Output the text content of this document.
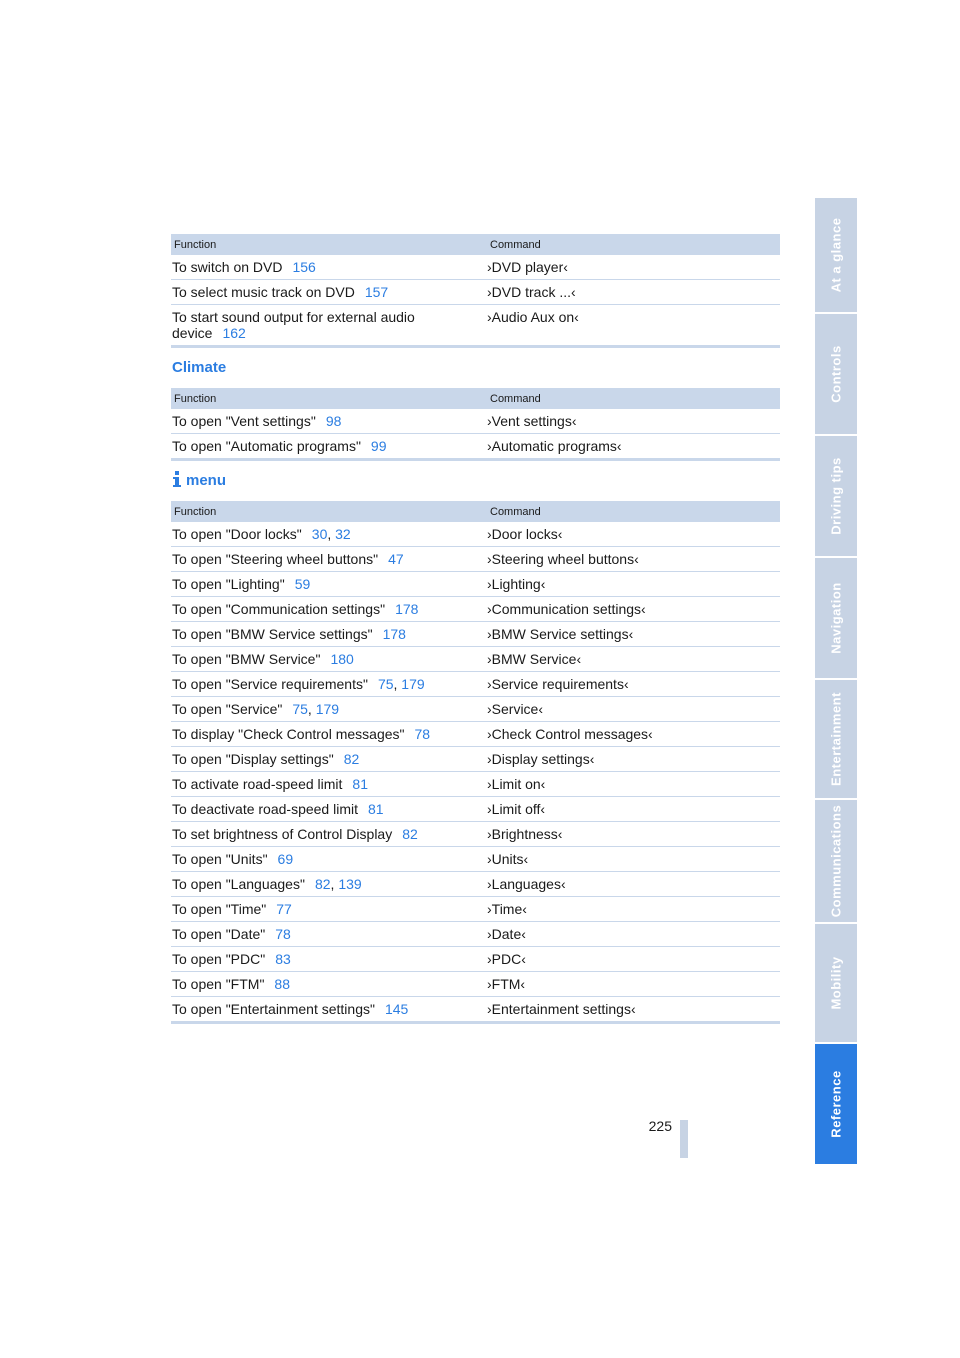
Function	Command
To switch on DVD 156	›DVD player‹
To select music track on DVD 157	›DVD track ...‹
To start sound output for external audio
device 162	›Audio Aux on‹
Climate
Function	Command
To open "Vent settings" 98	›Vent settings‹
To open "Automatic programs" 99	›Automatic programs‹
menu
Function	Command
To open "Door locks" 30, 32	›Door locks‹
To open "Steering wheel buttons" 47	›Steering wheel buttons‹
To open "Lighting" 59	›Lighting‹
To open "Communication settings" 178	›Communication settings‹
To open "BMW Service settings" 178	›BMW Service settings‹
To open "BMW Service" 180	›BMW Service‹
To open "Service requirements" 75, 179	›Service requirements‹
To open "Service" 75, 179	›Service‹
To display "Check Control messages" 78	›Check Control messages‹
To open "Display settings" 82	›Display settings‹
To activate road-speed limit 81	›Limit on‹
To deactivate road-speed limit 81	›Limit off‹
To set brightness of Control Display 82	›Brightness‹
To open "Units" 69	›Units‹
To open "Languages" 82, 139	›Languages‹
To open "Time" 77	›Time‹
To open "Date" 78	›Date‹
To open "PDC" 83	›PDC‹
To open "FTM" 88	›FTM‹
To open "Entertainment settings" 145	›Entertainment settings‹
At a glance
Controls
Driving tips
Navigation
Entertainment
Communications
Mobility
Reference
225
